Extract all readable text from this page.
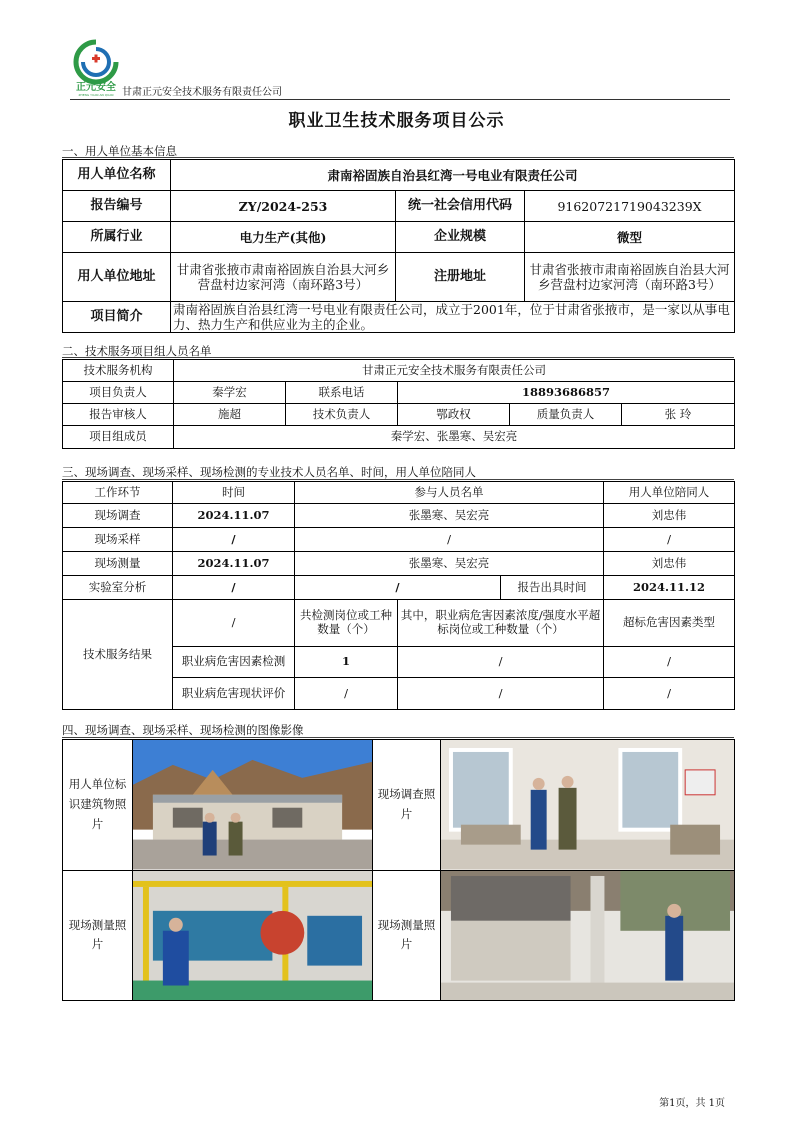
正元安全
ZHENG YUAN AN QUAN 甘肃正元安全技术服务有限责任公司
职业卫生技术服务项目公示
一、用人单位基本信息
用人单位名称	肃南裕固族自治县红湾一号电业有限责任公司		
报告编号	ZY/2024-253	统一社会信用代码	91620721719043239X
所属行业	电力生产(其他)	企业规模	微型
用人单位地址	甘肃省张掖市肃南裕固族自治县大河乡营盘村边家河湾（南环路3号）	注册地址	甘肃省张掖市肃南裕固族自治县大河乡营盘村边家河湾（南环路3号）
项目简介	肃南裕固族自治县红湾一号电业有限责任公司，成立于2001年，位于甘肃省张掖市，是一家以从事电力、热力生产和供应业为主的企业。		
二、技术服务项目组人员名单
技术服务机构	甘肃正元安全技术服务有限责任公司				
项目负责人	秦学宏	联系电话	18893686857		
报告审核人	施超	技术负责人	鄂政权	质量负责人	张 玲
项目组成员	秦学宏、张墨寒、吴宏亮				
三、现场调查、现场采样、现场检测的专业技术人员名单、时间，用人单位陪同人
工作环节	时间	参与人员名单			用人单位陪同人
现场调查	2024.11.07	张墨寒、吴宏亮			刘忠伟
现场采样	/	/			/
现场测量	2024.11.07	张墨寒、吴宏亮			刘忠伟
实验室分析	/	/		报告出具时间	2024.11.12
技术服务结果	/	共检测岗位或工种数量（个）	其中，职业病危害因素浓度/强度水平超标岗位或工种数量（个）		超标危害因素类型
	职业病危害因素检测	1	/		/
	职业病危害现状评价	/	/		/
四、现场调查、现场采样、现场检测的图像影像
用人单位标识建筑物照片		现场调查照片	

现场测量照片		现场测量照片	
第1页，共 1页
